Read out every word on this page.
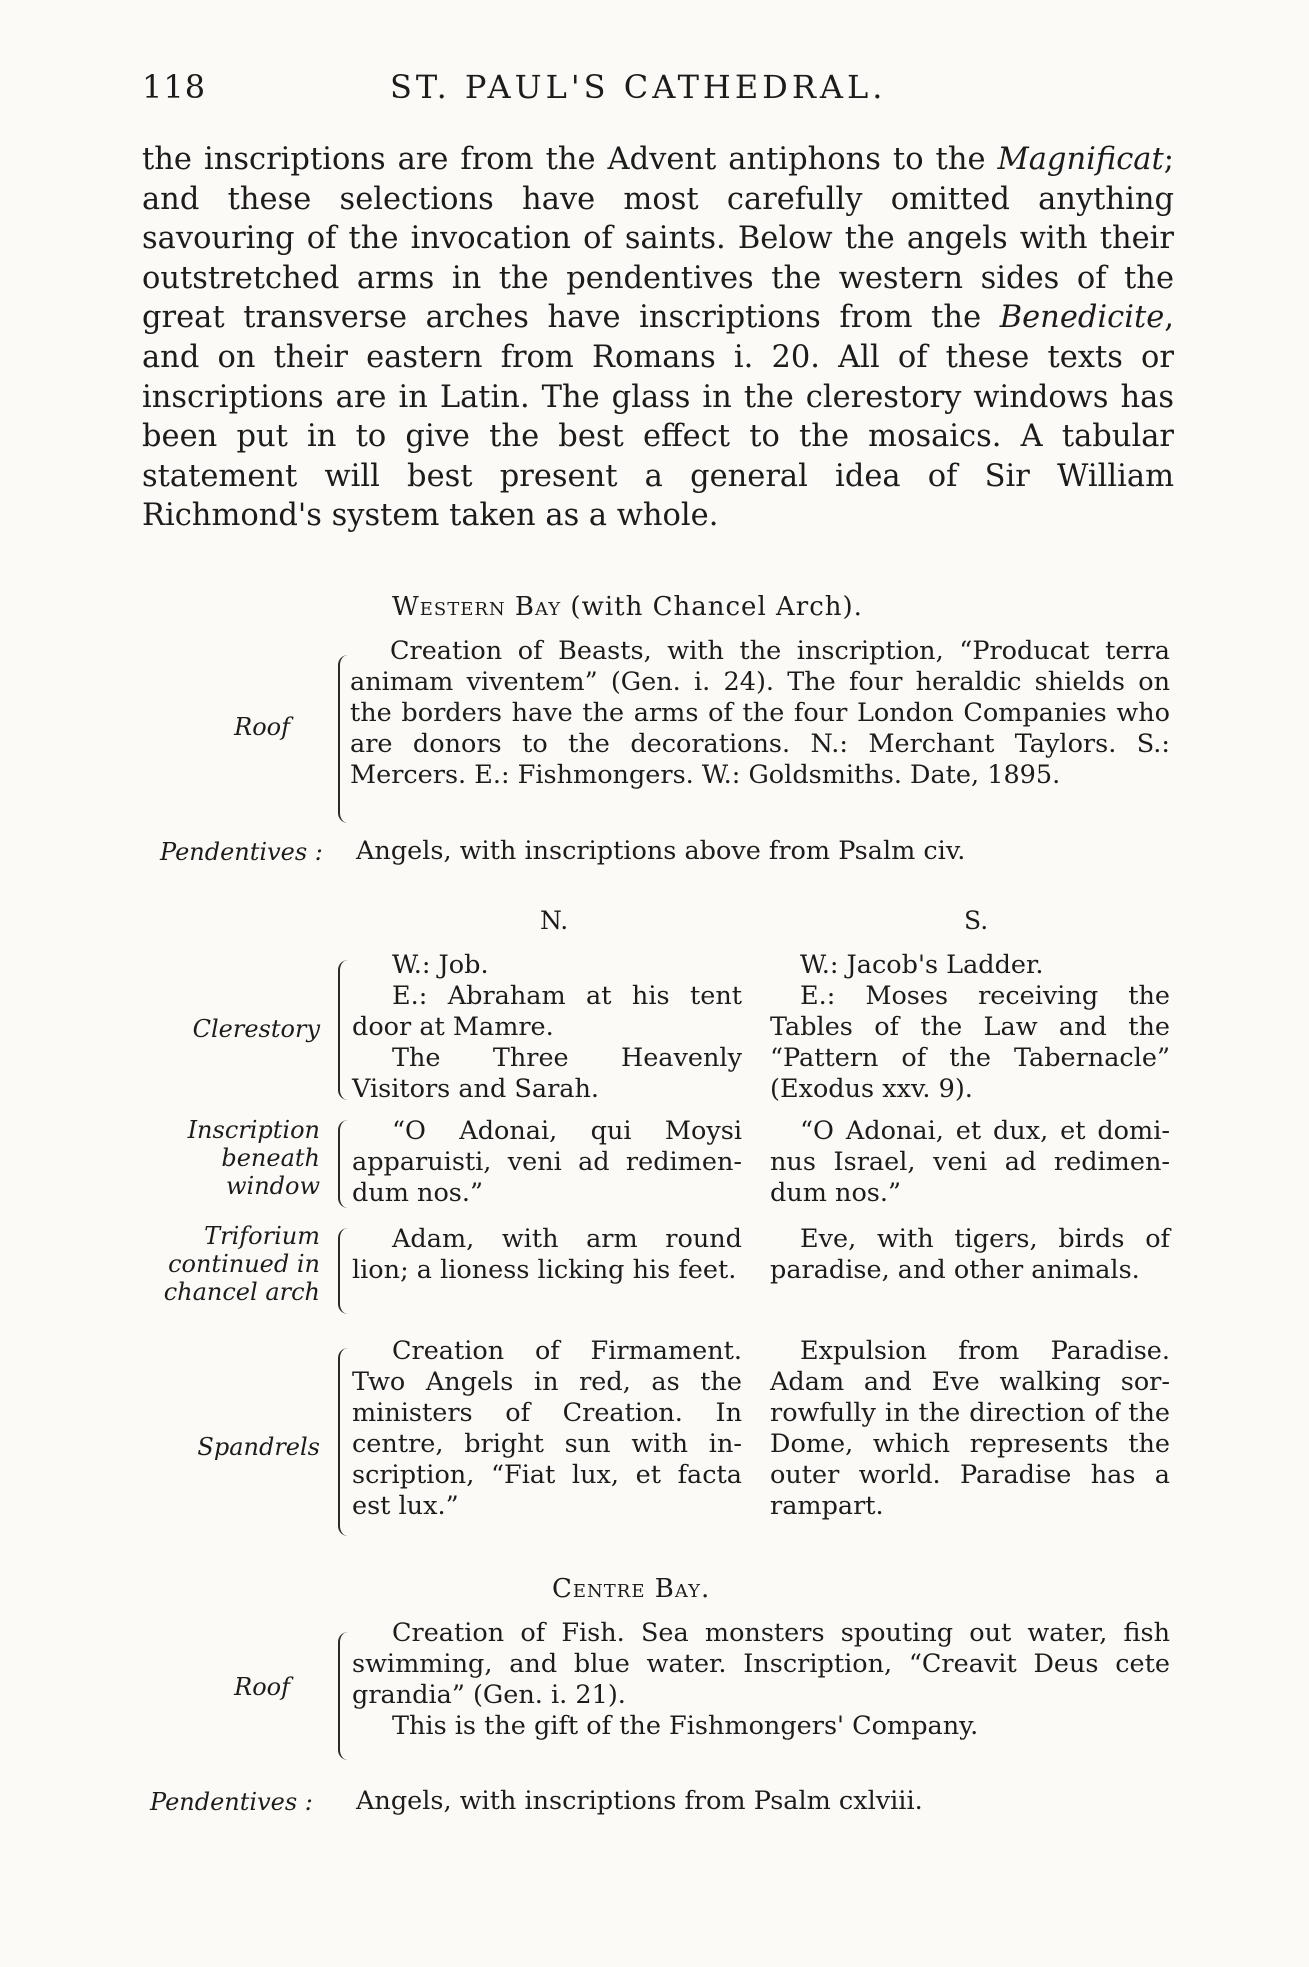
118	ST. PAUL'S CATHEDRAL.

the inscriptions are from the Advent antiphons to the Magnificat; and these selections have most carefully omitted anything savouring of the invocation of saints. Below the angels with their outstretched arms in the pendentives the western sides of the great transverse arches have inscriptions from the Benedicite, and on their eastern from Romans i. 20. All of these texts or inscriptions are in Latin. The glass in the clerestory windows has been put in to give the best effect to the mosaics. A tabular statement will best present a general idea of Sir William Richmond's system taken as a whole.

Western Bay (with Chancel Arch).
Roof
Creation of Beasts, with the inscription, “Producat terra animam viventem” (Gen. i. 24). The four heraldic shields on the borders have the arms of the four London Companies who are donors to the decorations. N.: Merchant Taylors. S.: Mercers. E.: Fishmongers. W.: Goldsmiths. Date, 1895.
Pendentives : Angels, with inscriptions above from Psalm civ.
N.	S.
Clerestory
W.: Job.
E.: Abraham at his tent door at Mamre.
The Three Heavenly Visitors and Sarah.
W.: Jacob's Ladder.
E.: Moses receiving the Tables of the Law and the “Pattern of the Tabernacle” (Exodus xxv. 9).
Inscription beneath window
“O Adonai, qui Moysi apparuisti, veni ad redimendum nos.”
“O Adonai, et dux, et dominus Israel, veni ad redimendum nos.”
Triforium continued in chancel arch
Adam, with arm round lion; a lioness licking his feet.
Eve, with tigers, birds of paradise, and other animals.
Spandrels
Creation of Firmament. Two Angels in red, as the ministers of Creation. In centre, bright sun with inscription, “Fiat lux, et facta est lux.”
Expulsion from Paradise. Adam and Eve walking sorrowfully in the direction of the Dome, which represents the outer world. Paradise has a rampart.
Centre Bay.
Roof
Creation of Fish. Sea monsters spouting out water, fish swimming, and blue water. Inscription, “Creavit Deus cete grandia” (Gen. i. 21).
This is the gift of the Fishmongers' Company.
Pendentives : Angels, with inscriptions from Psalm cxlviii.
